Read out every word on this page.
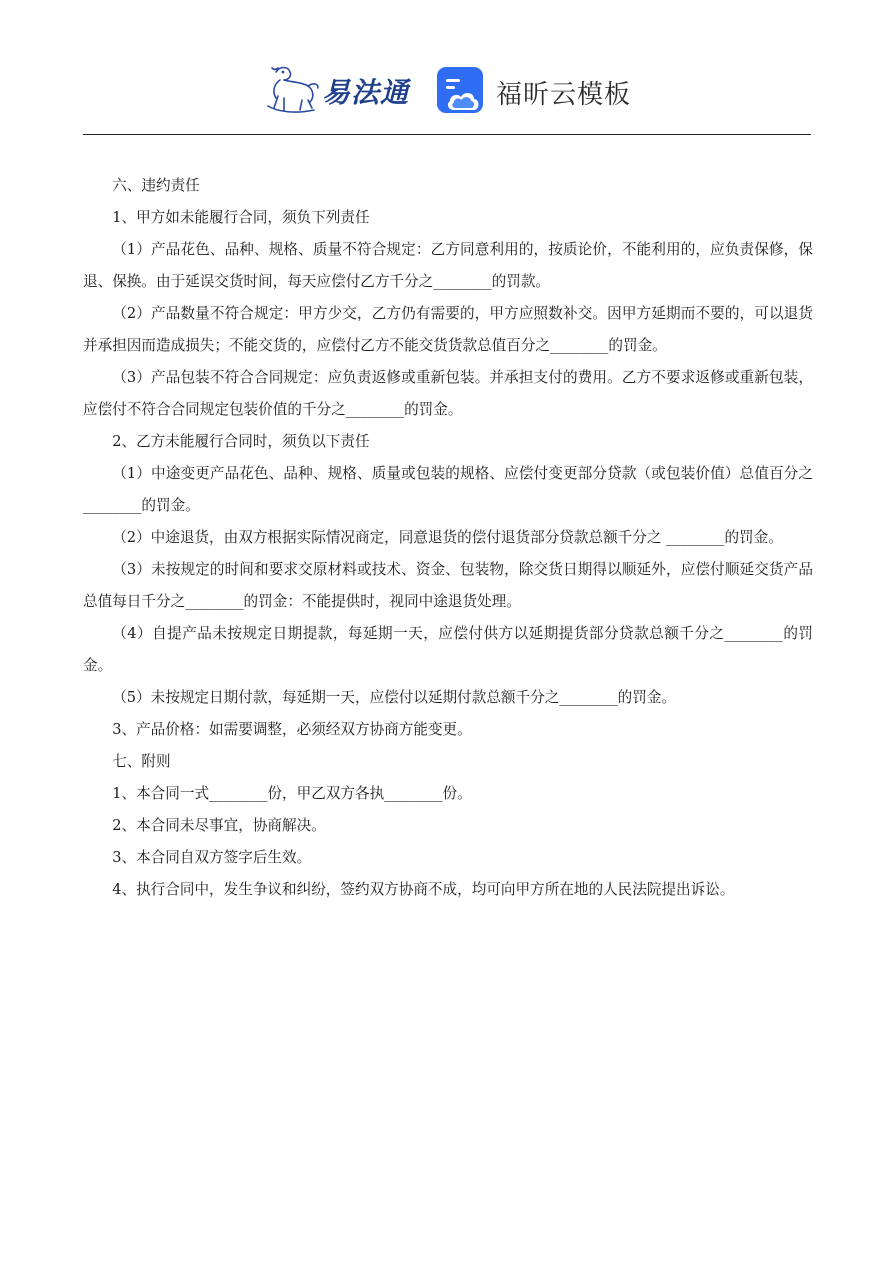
易法通	福昕云模板

六、违约责任

1、甲方如未能履行合同，须负下列责任

（1）产品花色、品种、规格、质量不符合规定：乙方同意利用的，按质论价，不能利用的，应负责保修，保退、保换。由于延误交货时间，每天应偿付乙方千分之________的罚款。

（2）产品数量不符合规定：甲方少交，乙方仍有需要的，甲方应照数补交。因甲方延期而不要的，可以退货并承担因而造成损失；不能交货的，应偿付乙方不能交货货款总值百分之________的罚金。

（3）产品包装不符合合同规定：应负责返修或重新包装。并承担支付的费用。乙方不要求返修或重新包装，应偿付不符合合同规定包装价值的千分之________的罚金。

2、乙方未能履行合同时，须负以下责任

（1）中途变更产品花色、品种、规格、质量或包装的规格、应偿付变更部分贷款（或包装价值）总值百分之________的罚金。

（2）中途退货，由双方根据实际情况商定，同意退货的偿付退货部分贷款总额千分之 ________的罚金。

（3）未按规定的时间和要求交原材料或技术、资金、包装物，除交货日期得以顺延外，应偿付顺延交货产品总值每日千分之________的罚金：不能提供时，视同中途退货处理。

（4）自提产品未按规定日期提款，每延期一天，应偿付供方以延期提货部分贷款总额千分之________的罚金。

（5）未按规定日期付款，每延期一天，应偿付以延期付款总额千分之________的罚金。

3、产品价格：如需要调整，必须经双方协商方能变更。

七、附则

1、本合同一式________份，甲乙双方各执________份。

2、本合同未尽事宜，协商解决。

3、本合同自双方签字后生效。

4、执行合同中，发生争议和纠纷，签约双方协商不成，均可向甲方所在地的人民法院提出诉讼。
